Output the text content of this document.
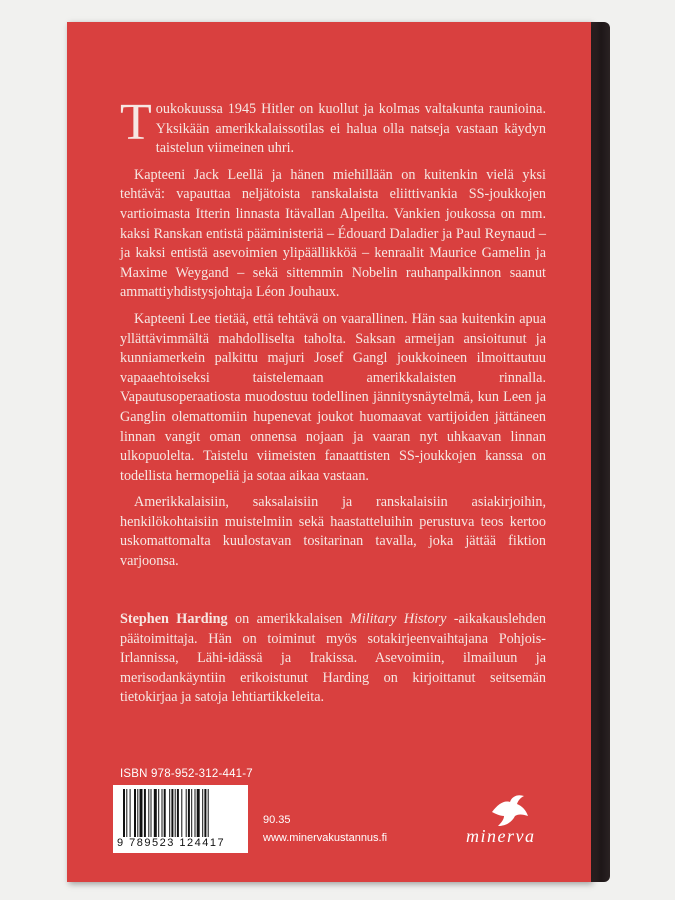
Toukokuussa 1945 Hitler on kuollut ja kolmas valtakunta raunioina. Yksikään amerikkalaissotilas ei halua olla natseja vastaan käydyn taistelun viimeinen uhri.

Kapteeni Jack Leellä ja hänen miehillään on kuitenkin vielä yksi tehtävä: vapauttaa neljätoista ranskalaista eliittivankia SS-joukkojen vartioimasta Itterin linnasta Itävallan Alpeilta. Vankien joukossa on mm. kaksi Ranskan entistä pääministeriä – Édouard Daladier ja Paul Reynaud – ja kaksi entistä asevoimien ylipäällikköä – kenraalit Maurice Gamelin ja Maxime Weygand – sekä sittemmin Nobelin rauhanpalkinnon saanut ammattiyhdistysjohtaja Léon Jouhaux.

Kapteeni Lee tietää, että tehtävä on vaarallinen. Hän saa kuitenkin apua yllättävimmältä mahdolliselta taholta. Saksan armeijan ansioitunut ja kunniamerkein palkittu majuri Josef Gangl joukkoineen ilmoittautuu vapaaehtoiseksi taistelemaan amerikkalaisten rinnalla. Vapautusoperaatiosta muodostuu todellinen jännitysnäytelmä, kun Leen ja Ganglin olemattomiin hupenevat joukot huomaavat vartijoiden jättäneen linnan vangit oman onnensa nojaan ja vaaran nyt uhkaavan linnan ulkopuolelta. Taistelu viimeisten fanaattisten SS-joukkojen kanssa on todellista hermopeliä ja sotaa aikaa vastaan.

Amerikkalaisiin, saksalaisiin ja ranskalaisiin asiakirjoihin, henkilökohtaisiin muistelmiin sekä haastatteluihin perustuva teos kertoo uskomattomalta kuulostavan tositarinan tavalla, joka jättää fiktion varjoonsa.

Stephen Harding on amerikkalaisen Military History -aikakauslehden päätoimittaja. Hän on toiminut myös sotakirjeenvaihtajana Pohjois-Irlannissa, Lähi-idässä ja Irakissa. Asevoimiin, ilmailuun ja merisodankäyntiin erikoistunut Harding on kirjoittanut seitsemän tietokirjaa ja satoja lehtiartikkeleita.
ISBN 978-952-312-441-7
9 789523 124417
90.35
www.minervakustannus.fi	minerva
